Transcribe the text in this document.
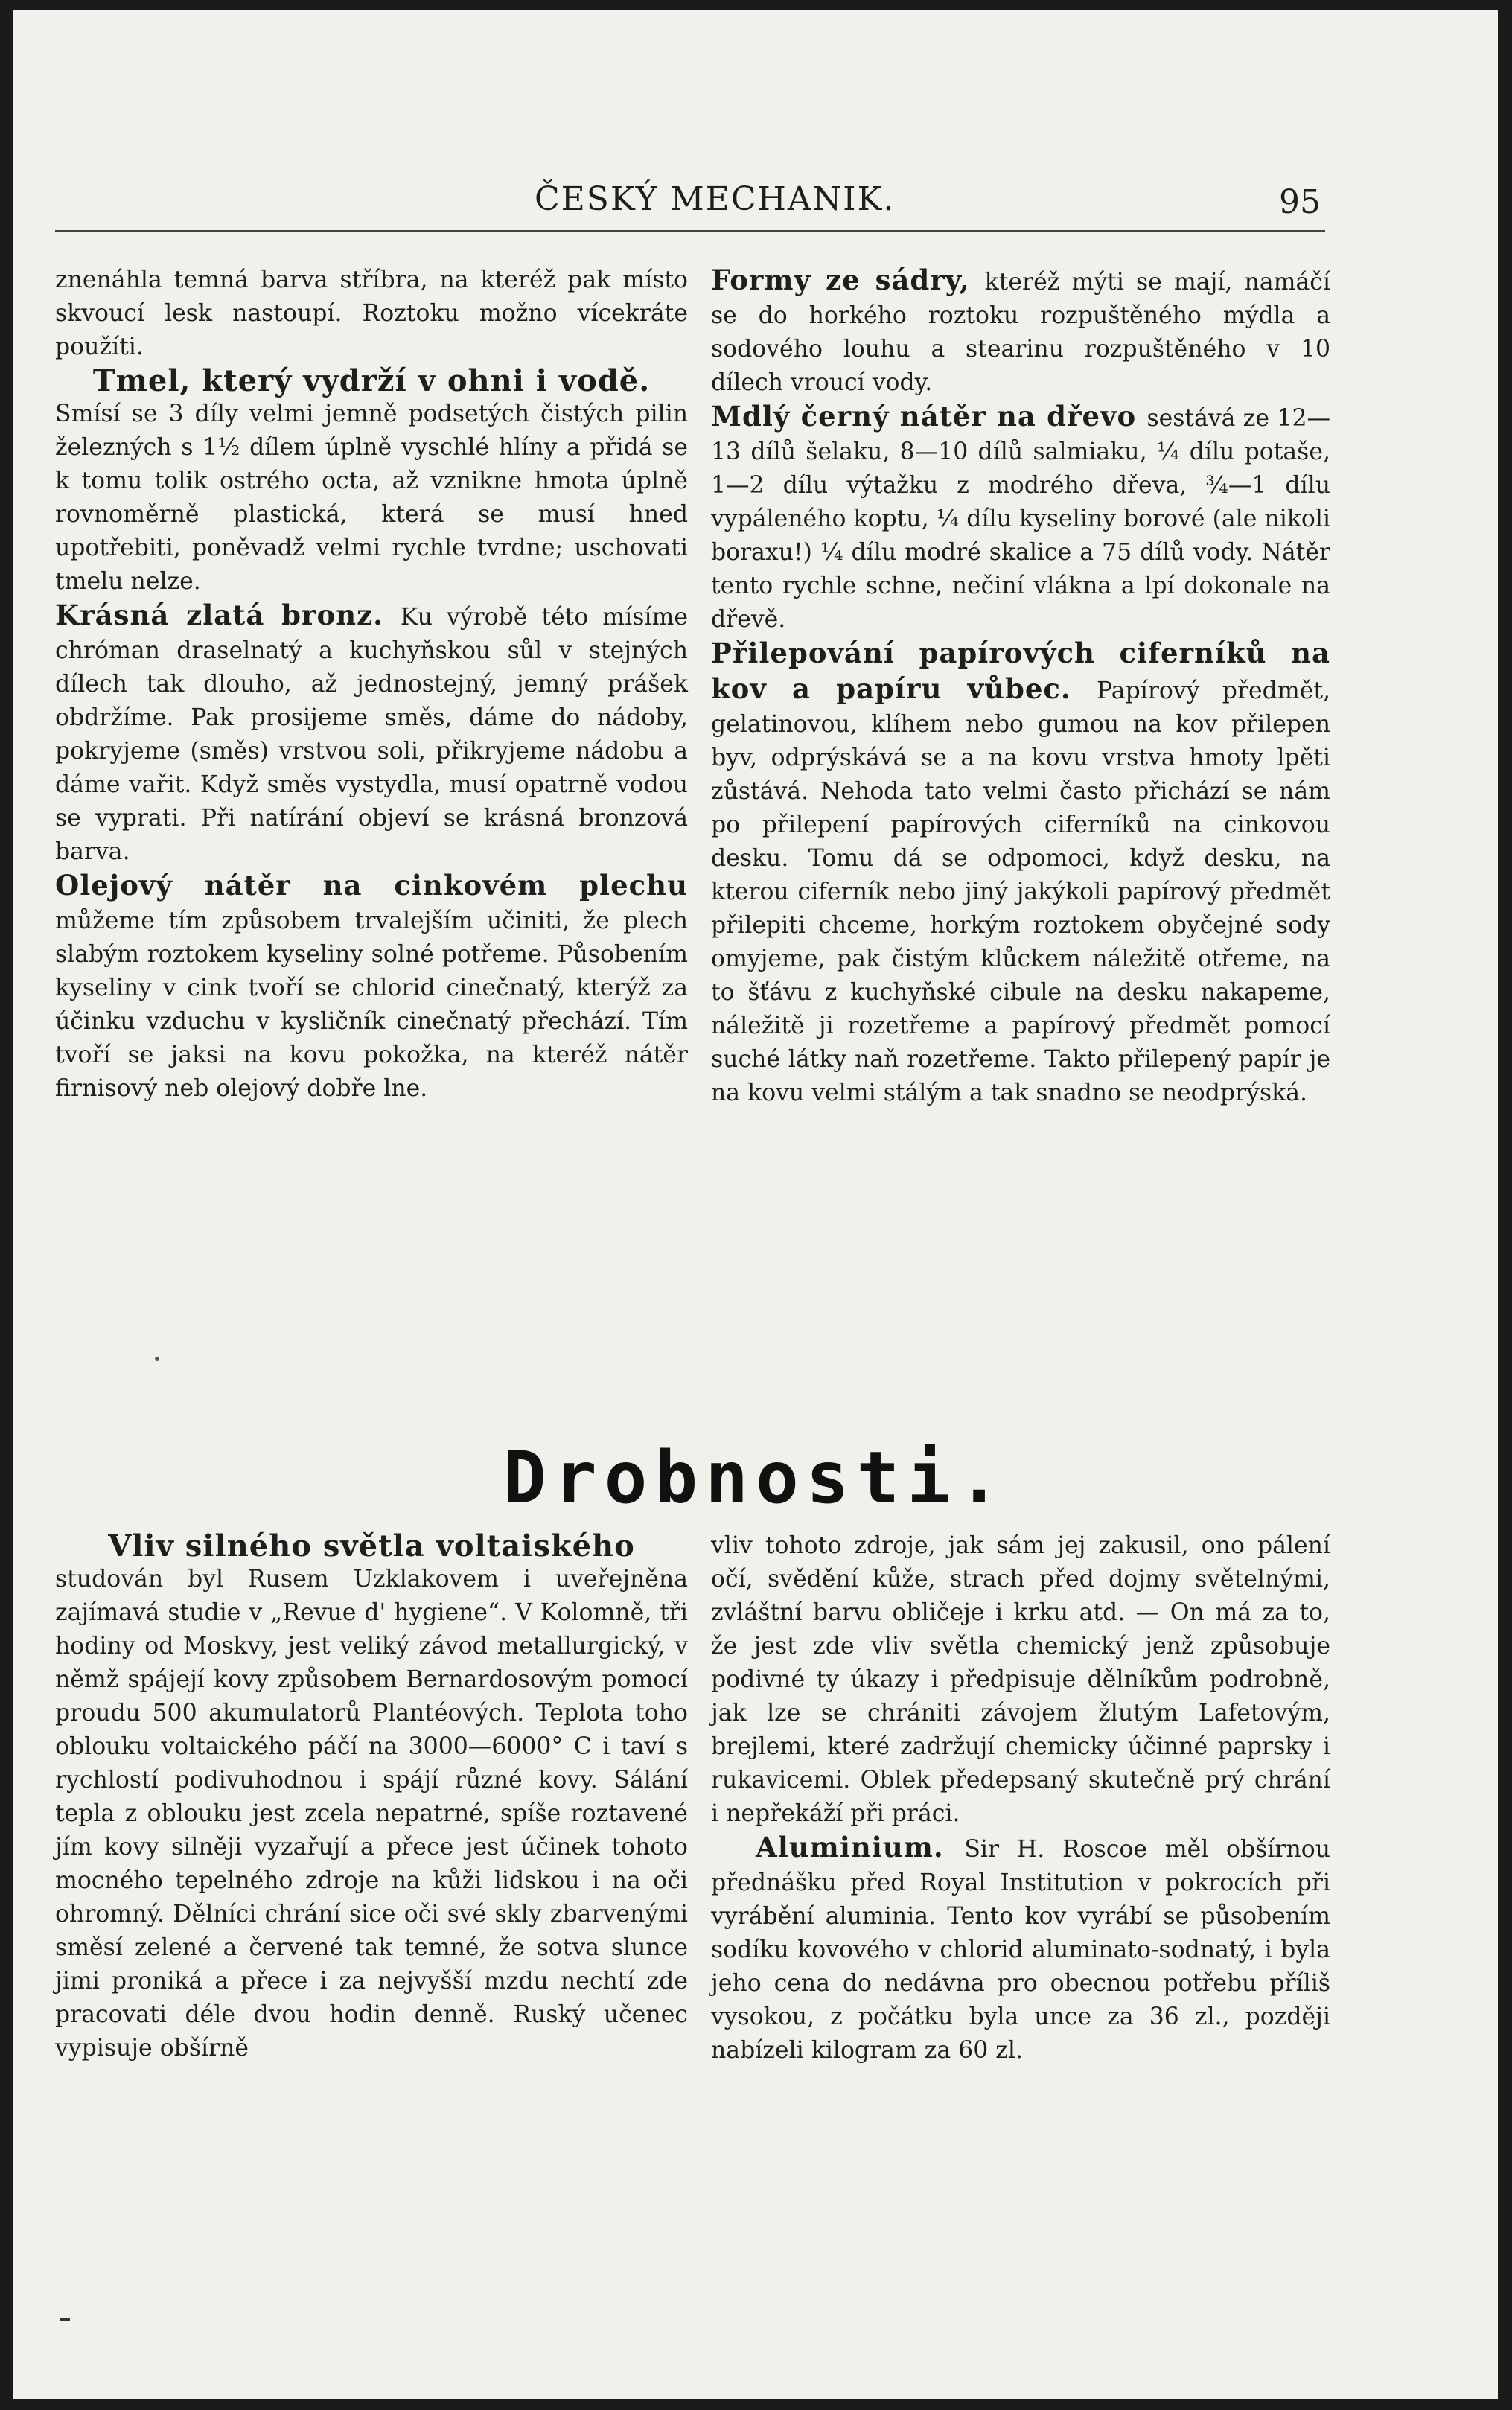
ČESKÝ MECHANIK.	95

znenáhla temná barva stříbra, na kteréž pak místo skvoucí lesk nastoupí. Roztoku možno vícekráte použíti.

Tmel, který vydrží v ohni i vodě.
Smísí se 3 díly velmi jemně podsetých čistých pilin železných s 1½ dílem úplně vyschlé hlíny a přidá se k tomu tolik ostrého octa, až vznikne hmota úplně rovnoměrně plastická, která se musí hned upotřebiti, poněvadž velmi rychle tvrdne; uschovati tmelu nelze.

Krásná zlatá bronz. Ku výrobě této mísíme chróman draselnatý a kuchyňskou sůl v stejných dílech tak dlouho, až jednostejný, jemný prášek obdržíme. Pak prosijeme směs, dáme do nádoby, pokryjeme (směs) vrstvou soli, přikryjeme nádobu a dáme vařit. Když směs vystydla, musí opatrně vodou se vyprati. Při natírání objeví se krásná bronzová barva.

Olejový nátěr na cinkovém plechu můžeme tím způsobem trvalejším učiniti, že plech slabým roztokem kyseliny solné potřeme. Působením kyseliny v cink tvoří se chlorid cinečnatý, kterýž za účinku vzduchu v kysličník cinečnatý přechází. Tím tvoří se jaksi na kovu pokožka, na kteréž nátěr firnisový neb olejový dobře lne.

Formy ze sádry, kteréž mýti se mají, namáčí se do horkého roztoku rozpuštěného mýdla a sodového louhu a stearinu rozpuštěného v 10 dílech vroucí vody.

Mdlý černý nátěr na dřevo sestává ze 12—13 dílů šelaku, 8—10 dílů salmiaku, ¼ dílu potaše, 1—2 dílu výtažku z modrého dřeva, ¾—1 dílu vypáleného koptu, ¼ dílu kyseliny borové (ale nikoli boraxu!) ¼ dílu modré skalice a 75 dílů vody. Nátěr tento rychle schne, nečiní vlákna a lpí dokonale na dřevě.

Přilepování papírových ciferníků na kov a papíru vůbec. Papírový předmět, gelatinovou, klíhem nebo gumou na kov přilepen byv, odprýskává se a na kovu vrstva hmoty lpěti zůstává. Nehoda tato velmi často přichází se nám po přilepení papírových ciferníků na cinkovou desku. Tomu dá se odpomoci, když desku, na kterou ciferník nebo jiný jakýkoli papírový předmět přilepiti chceme, horkým roztokem obyčejné sody omyjeme, pak čistým klůckem náležitě otřeme, na to šťávu z kuchyňské cibule na desku nakapeme, náležitě ji rozetřeme a papírový předmět pomocí suché látky naň rozetřeme. Takto přilepený papír je na kovu velmi stálým a tak snadno se neodprýská.

Drobnosti.

Vliv silného světla voltaiského
studován byl Rusem Uzklakovem i uveřejněna zajímavá studie v „Revue d' hygiene“. V Kolomně, tři hodiny od Moskvy, jest veliký závod metallurgický, v němž spájejí kovy způsobem Bernardosovým pomocí proudu 500 akumulatorů Plantéových. Teplota toho oblouku voltaického páčí na 3000—6000° C i taví s rychlostí podivuhodnou i spájí různé kovy. Sálání tepla z oblouku jest zcela nepatrné, spíše roztavené jím kovy silněji vyzařují a přece jest účinek tohoto mocného tepelného zdroje na kůži lidskou i na oči ohromný. Dělníci chrání sice oči své skly zbarvenými směsí zelené a červené tak temné, že sotva slunce jimi proniká a přece i za nejvyšší mzdu nechtí zde pracovati déle dvou hodin denně. Ruský učenec vypisuje obšírně

vliv tohoto zdroje, jak sám jej zakusil, ono pálení očí, svědění kůže, strach před dojmy světelnými, zvláštní barvu obličeje i krku atd. — On má za to, že jest zde vliv světla chemický jenž způsobuje podivné ty úkazy i předpisuje dělníkům podrobně, jak lze se chrániti závojem žlutým Lafetovým, brejlemi, které zadržují chemicky účinné paprsky i rukavicemi. Oblek předepsaný skutečně prý chrání i nepřekáží při práci.

Aluminium. Sir H. Roscoe měl obšírnou přednášku před Royal Institution v pokrocích při vyrábění aluminia. Tento kov vyrábí se působením sodíku kovového v chlorid aluminato-sodnatý, i byla jeho cena do nedávna pro obecnou potřebu příliš vysokou, z počátku byla unce za 36 zl., později nabízeli kilogram za 60 zl.
